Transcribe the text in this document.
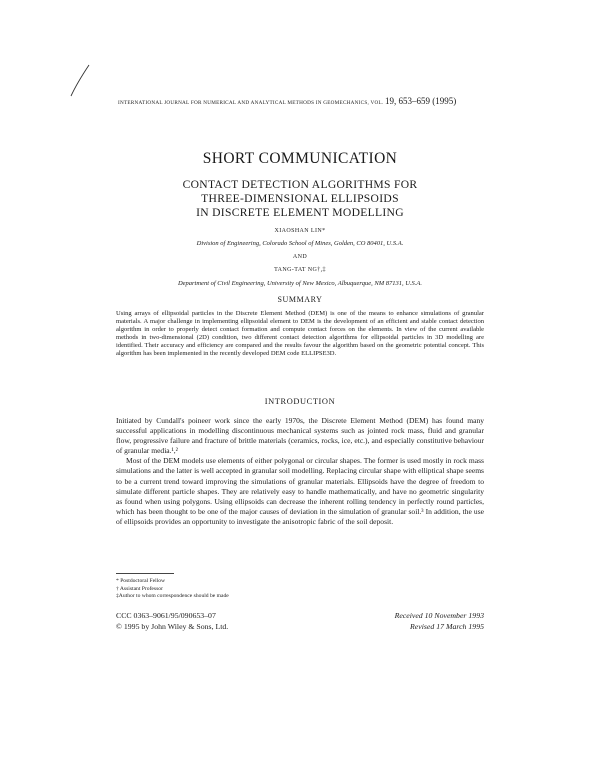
INTERNATIONAL JOURNAL FOR NUMERICAL AND ANALYTICAL METHODS IN GEOMECHANICS, VOL. 19, 653–659 (1995)
SHORT COMMUNICATION
CONTACT DETECTION ALGORITHMS FOR
THREE-DIMENSIONAL ELLIPSOIDS
IN DISCRETE ELEMENT MODELLING
XIAOSHAN LIN*
Division of Engineering, Colorado School of Mines, Golden, CO 80401, U.S.A.
AND
TANG-TAT NG†,‡
Department of Civil Engineering, University of New Mexico, Albuquerque, NM 87131, U.S.A.
SUMMARY
Using arrays of ellipsoidal particles in the Discrete Element Method (DEM) is one of the means to enhance simulations of granular materials. A major challenge in implementing ellipsoidal element to DEM is the development of an efficient and stable contact detection algorithm in order to properly detect contact formation and compute contact forces on the elements. In view of the current available methods in two-dimensional (2D) condition, two different contact detection algorithms for ellipsoidal particles in 3D modelling are identified. Their accuracy and efficiency are compared and the results favour the algorithm based on the geometric potential concept. This algorithm has been implemented in the recently developed DEM code ELLIPSE3D.
INTRODUCTION

Initiated by Cundall's poineer work since the early 1970s, the Discrete Element Method (DEM) has found many successful applications in modelling discontinuous mechanical systems such as jointed rock mass, fluid and granular flow, progressive failure and fracture of brittle materials (ceramics, rocks, ice, etc.), and especially constitutive behaviour of granular media.¹,²

Most of the DEM models use elements of either polygonal or circular shapes. The former is used mostly in rock mass simulations and the latter is well accepted in granular soil modelling. Replacing circular shape with elliptical shape seems to be a current trend toward improving the simulations of granular materials. Ellipsoids have the degree of freedom to simulate different particle shapes. They are relatively easy to handle mathematically, and have no geometric singularity as found when using polygons. Using ellipsoids can decrease the inherent rolling tendency in perfectly round particles, which has been thought to be one of the major causes of deviation in the simulation of granular soil.³ In addition, the use of ellipsoids provides an opportunity to investigate the anisotropic fabric of the soil deposit.

* Postdoctoral Fellow
† Assistant Professor
‡Author to whom correspondence should be made
CCC 0363–9061/95/090653–07
© 1995 by John Wiley & Sons, Ltd.
Received 10 November 1993
Revised 17 March 1995
